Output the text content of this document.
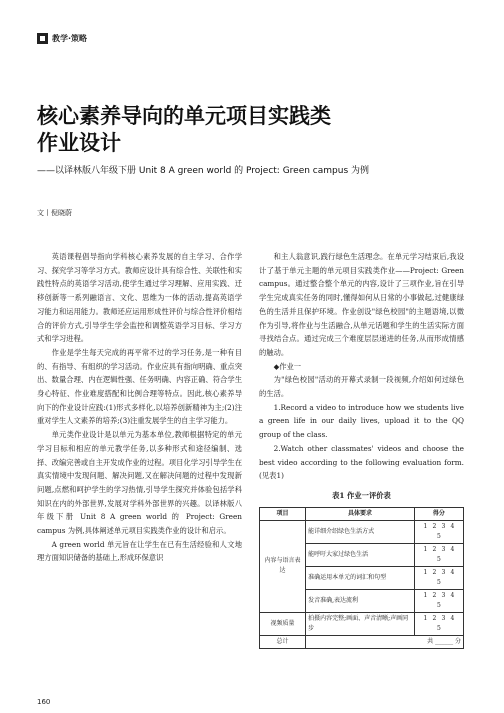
教学·策略
核心素养导向的单元项目实践类
作业设计
——以译林版八年级下册 Unit 8 A green world 的 Project: Green campus 为例
文丨倪晓蔚

英语课程倡导指向学科核心素养发展的自主学习、合作学习、探究学习等学习方式。教师应设计具有综合性、关联性和实践性特点的英语学习活动,使学生通过学习理解、应用实践、迁移创新等一系列融语言、文化、思维为一体的活动,提高英语学习能力和运用能力。教师还应运用形成性评价与综合性评价相结合的评价方式,引导学生学会监控和调整英语学习目标、学习方式和学习进程。

作业是学生每天完成的再平常不过的学习任务,是一种有目的、有指导、有组织的学习活动。作业应具有指向明确、重点突出、数量合理、内在逻辑性强、任务明确、内容正确、符合学生身心特征、作业难度搭配和比例合理等特点。因此,核心素养导向下的作业设计应践:(1)形式多样化,以培养创新精神为主;(2)注重对学生人文素养的培养;(3)注重发展学生的自主学习能力。

单元类作业设计是以单元为基本单位,教师根据特定的单元学习目标和相应的单元教学任务,以多种形式和途径编制、选择、改编完善或自主开发成作业的过程。项目化学习引导学生在真实情境中发现问题、解决问题,又在解决问题的过程中发现新问题,点燃和呵护学生的学习热情,引导学生探究并体验包括学科知识在内的外部世界,发展对学科外部世界的兴趣。以译林版八年级下册 Unit 8 A green world 的 Project: Green campus 为例,具体阐述单元项目实践类作业的设计和启示。

A green world 单元旨在让学生在已有生活经验和人文地理方面知识储备的基础上,形成环保意识

和主人翁意识,践行绿色生活理念。在单元学习结束后,我设计了基于单元主题的单元项目实践类作业——Project: Green campus。通过整合整个单元的内容,设计了三项作业,旨在引导学生完成真实任务的同时,懂得如何从日常的小事做起,过健康绿色的生活并且保护环境。作业创设"绿色校园"的主题语境,以微作为引导,将作业与生活融合,从单元话题和学生的生活实际方面寻找结合点。通过完成三个难度层层递进的任务,从而形成情感的触动。

◆作业一

为"绿色校园"活动的开幕式录制一段视频,介绍如何过绿色的生活。

1.Record a video to introduce how we students live a green life in our daily lives, upload it to the QQ group of the class.

2.Watch other classmates' videos and choose the best video according to the following evaluation form. (见表1)

表1 作业一评价表

项目	具体要求	得分
内容与语言表达	能详细介绍绿色生活方式	1 2 3 45
	能呼吁大家过绿色生活	1 2 3 45
	准确运用本单元的词汇和句型	1 2 3 45
	发音准确,表达流利	1 2 3 45
视频质量	拍摄内容完整;画面、声音清晰;声画同步	1 2 3 45
总计	共 ______ 分	
160
